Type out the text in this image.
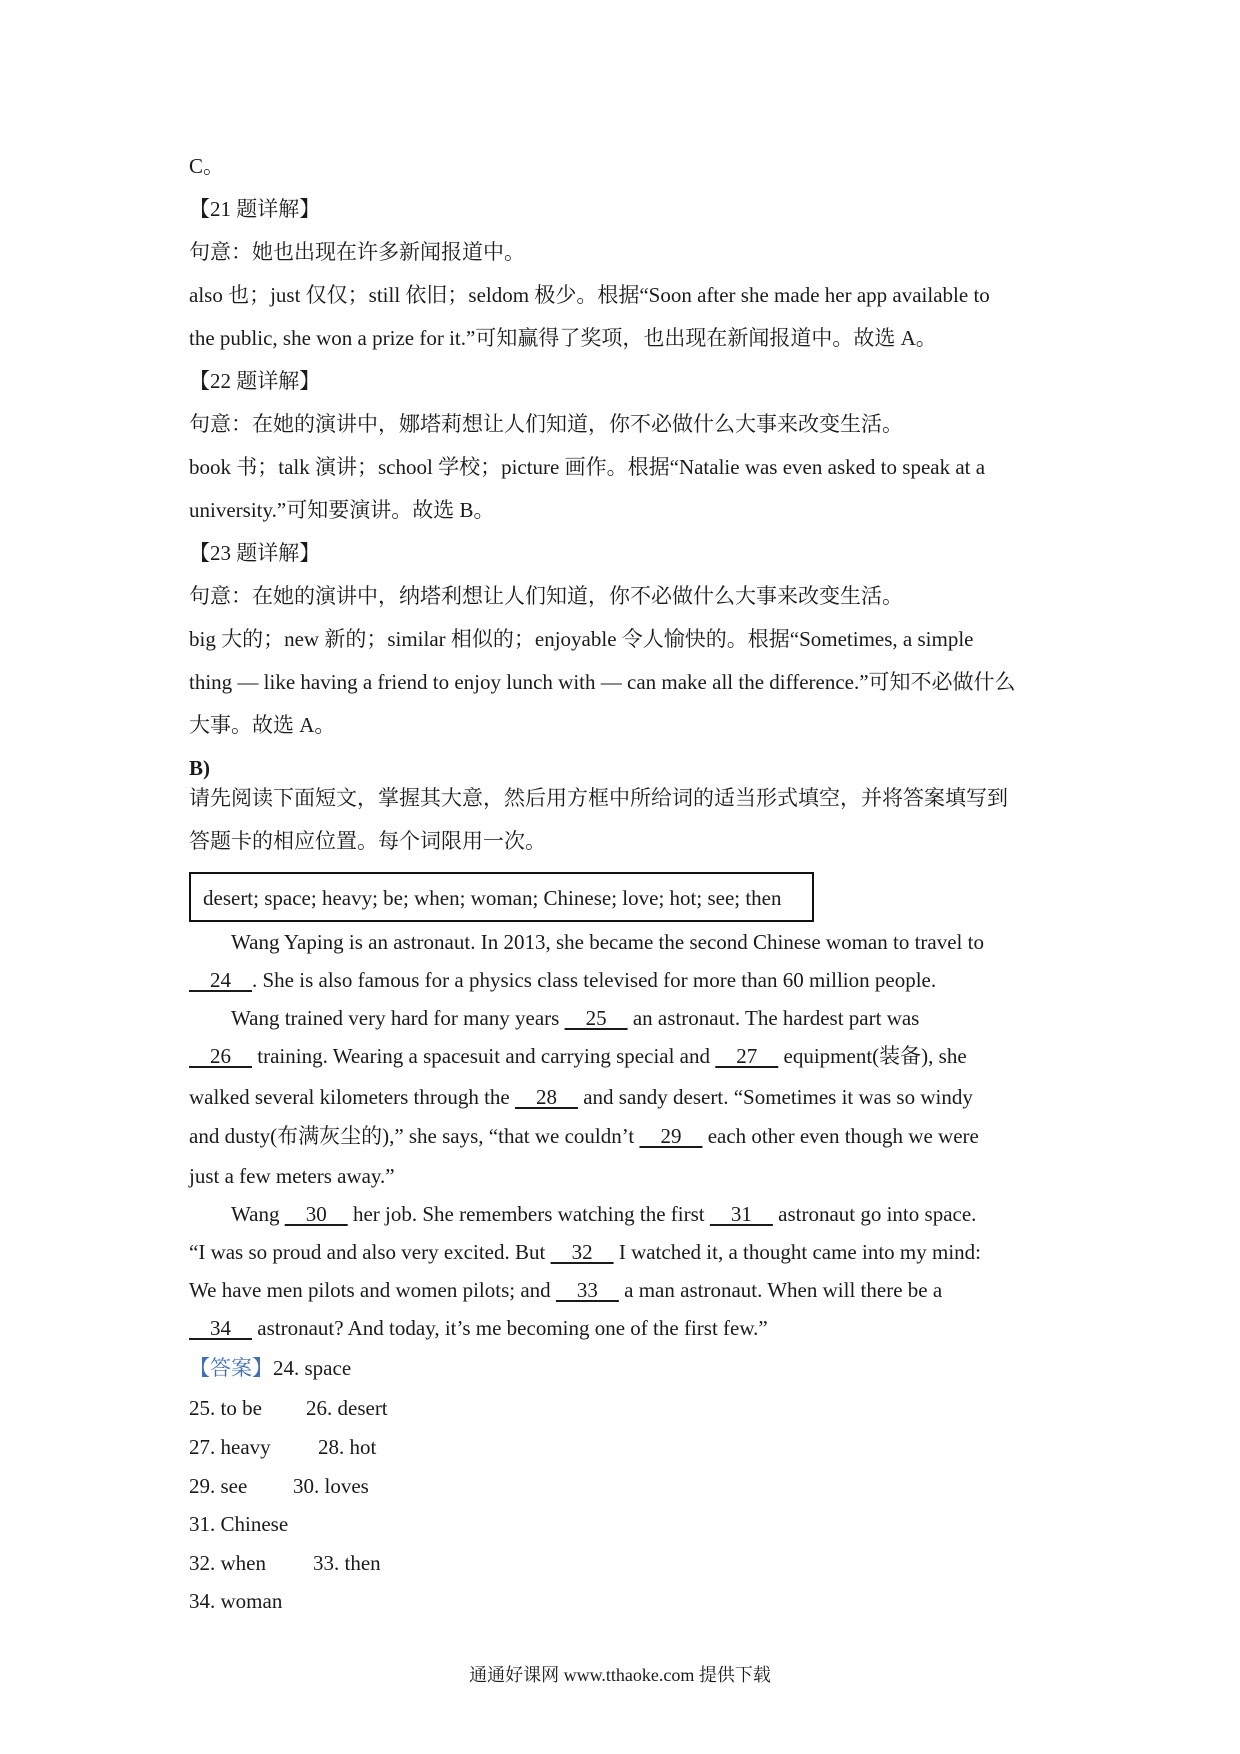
C。
【21 题详解】
句意：她也出现在许多新闻报道中。
also 也；just 仅仅；still 依旧；seldom 极少。根据“Soon after she made her app available to
the public, she won a prize for it.”可知赢得了奖项，也出现在新闻报道中。故选 A。
【22 题详解】
句意：在她的演讲中，娜塔莉想让人们知道，你不必做什么大事来改变生活。
book 书；talk 演讲；school 学校；picture 画作。根据“Natalie was even asked to speak at a
university.”可知要演讲。故选 B。
【23 题详解】
句意：在她的演讲中，纳塔利想让人们知道，你不必做什么大事来改变生活。
big 大的；new 新的；similar 相似的；enjoyable 令人愉快的。根据“Sometimes, a simple
thing — like having a friend to enjoy lunch with — can make all the difference.”可知不必做什么
大事。故选 A。
B)
请先阅读下面短文，掌握其大意，然后用方框中所给词的适当形式填空，并将答案填写到
答题卡的相应位置。每个词限用一次。
desert; space; heavy; be; when; woman; Chinese; love; hot; see; then
Wang Yaping is an astronaut. In 2013, she became the second Chinese woman to travel to
24    . She is also famous for a physics class televised for more than 60 million people.
Wang trained very hard for many years     25     an astronaut. The hardest part was
26     training. Wearing a spacesuit and carrying special and     27     equipment(装备), she
walked several kilometers through the     28     and sandy desert. “Sometimes it was so windy
and dusty(布满灰尘的),” she says, “that we couldn’t     29     each other even though we were
just a few meters away.”
Wang     30     her job. She remembers watching the first     31     astronaut go into space.
“I was so proud and also very excited. But     32     I watched it, a thought came into my mind:
We have men pilots and women pilots; and     33     a man astronaut. When will there be a
34     astronaut? And today, it’s me becoming one of the first few.”
【答案】24. space
25. to be 26. desert
27. heavy 28. hot
29. see 30. loves
31. Chinese
32. when 33. then
34. woman
通通好课网 www.tthaoke.com 提供下载
